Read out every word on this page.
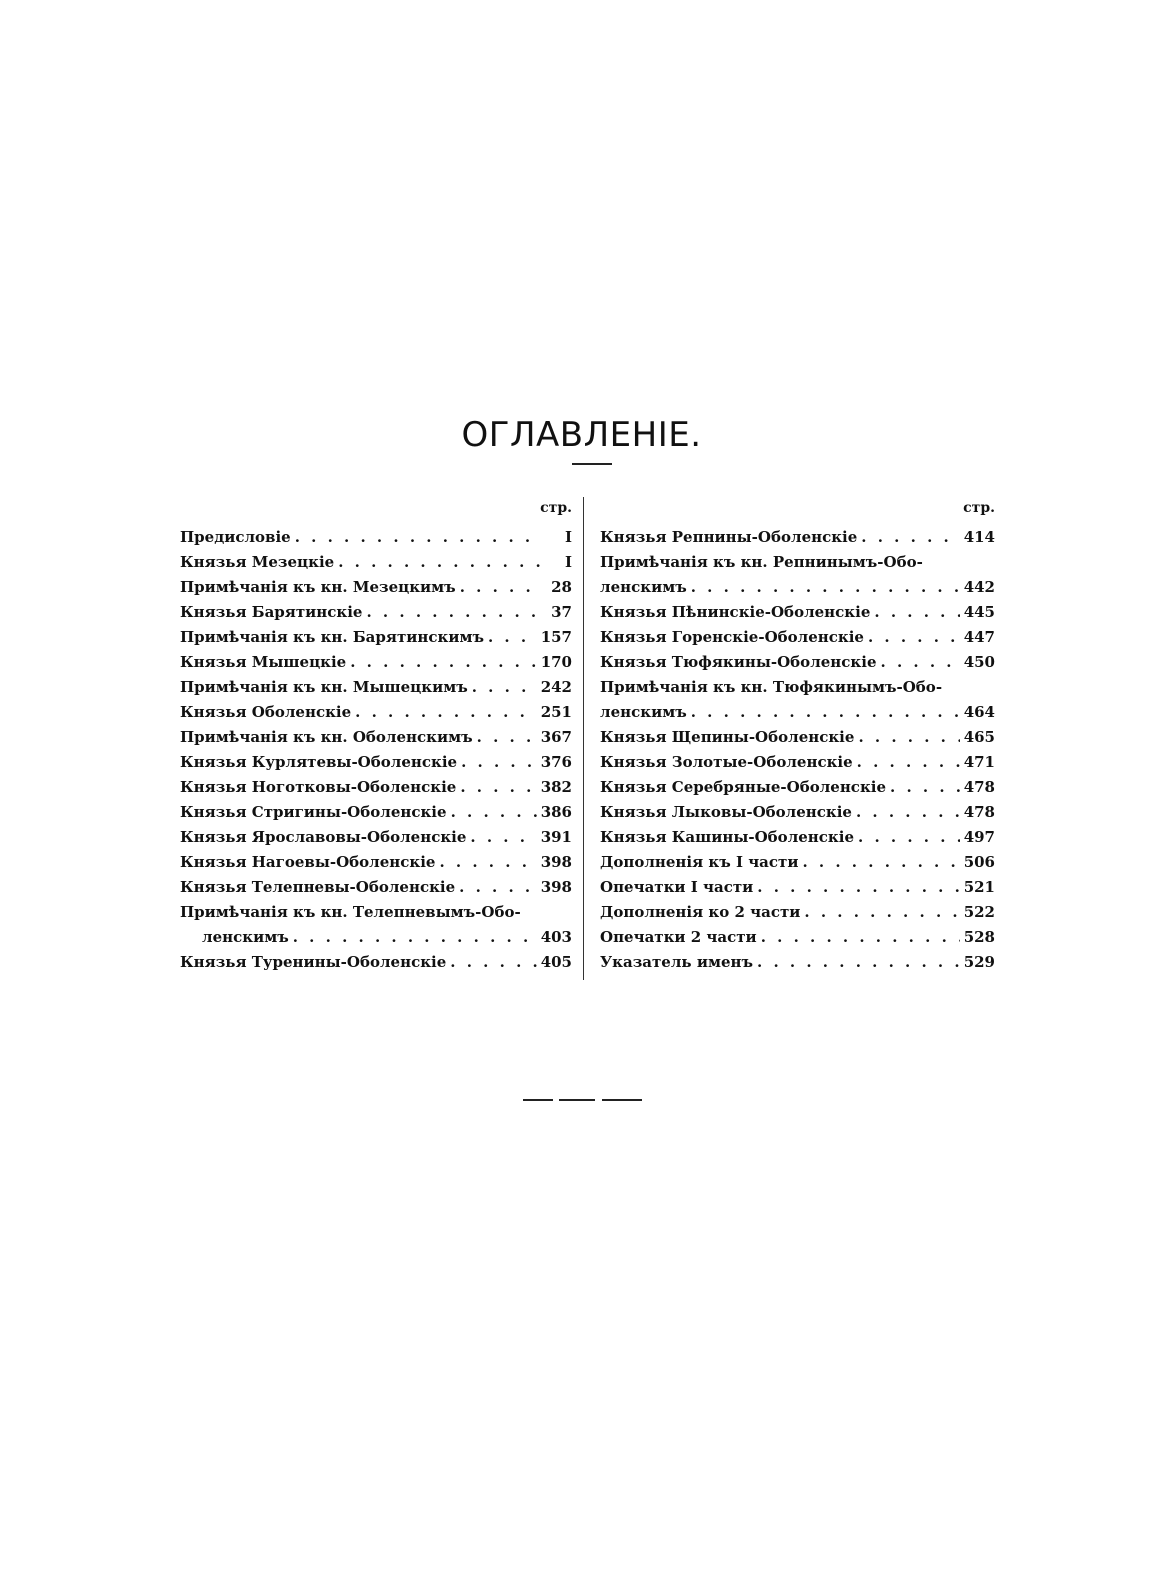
ОГЛАВЛЕНІЕ.
стр.
Предисловіе . . .	I
Князья Мезецкіе . . .	I
Примѣчанія къ кн. Мезецкимъ . . .	28
Князья Барятинскіе . . .	37
Примѣчанія къ кн. Барятинскимъ . . .	157
Князья Мышецкіе . . .	170
Примѣчанія къ кн. Мышецкимъ . . .	242
Князья Оболенскіе . . .	251
Примѣчанія къ кн. Оболенскимъ . . .	367
Князья Курлятевы-Оболенскіе . . .	376
Князья Ноготковы-Оболенскіе . . .	382
Князья Стригины-Оболенскіе . . .	386
Князья Ярославовы-Оболенскіе . . .	391
Князья Нагоевы-Оболенскіе . . .	398
Князья Телепневы-Оболенскіе . . .	398
Примѣчанія къ кн. Телепневымъ-Обо-
ленскимъ . . .	403
Князья Туренины-Оболенскіе . . .	405
стр.
Князья Репнины-Оболенскіе . . .	414
Примѣчанія къ кн. Репнинымъ-Обо-
ленскимъ . . .	442
Князья Пѣнинскіе-Оболенскіе . . .	445
Князья Горенскіе-Оболенскіе . . .	447
Князья Тюфякины-Оболенскіе . . .	450
Примѣчанія къ кн. Тюфякинымъ-Обо-
ленскимъ . . .	464
Князья Щепины-Оболенскіе . . .	465
Князья Золотые-Оболенскіе . . .	471
Князья Серебряные-Оболенскіе . . .	478
Князья Лыковы-Оболенскіе . . .	478
Князья Кашины-Оболенскіе . . .	497
Дополненія къ I части . . .	506
Опечатки I части . . .	521
Дополненія ко 2 части . . .	522
Опечатки 2 части . . .	528
Указатель именъ . . .	529
